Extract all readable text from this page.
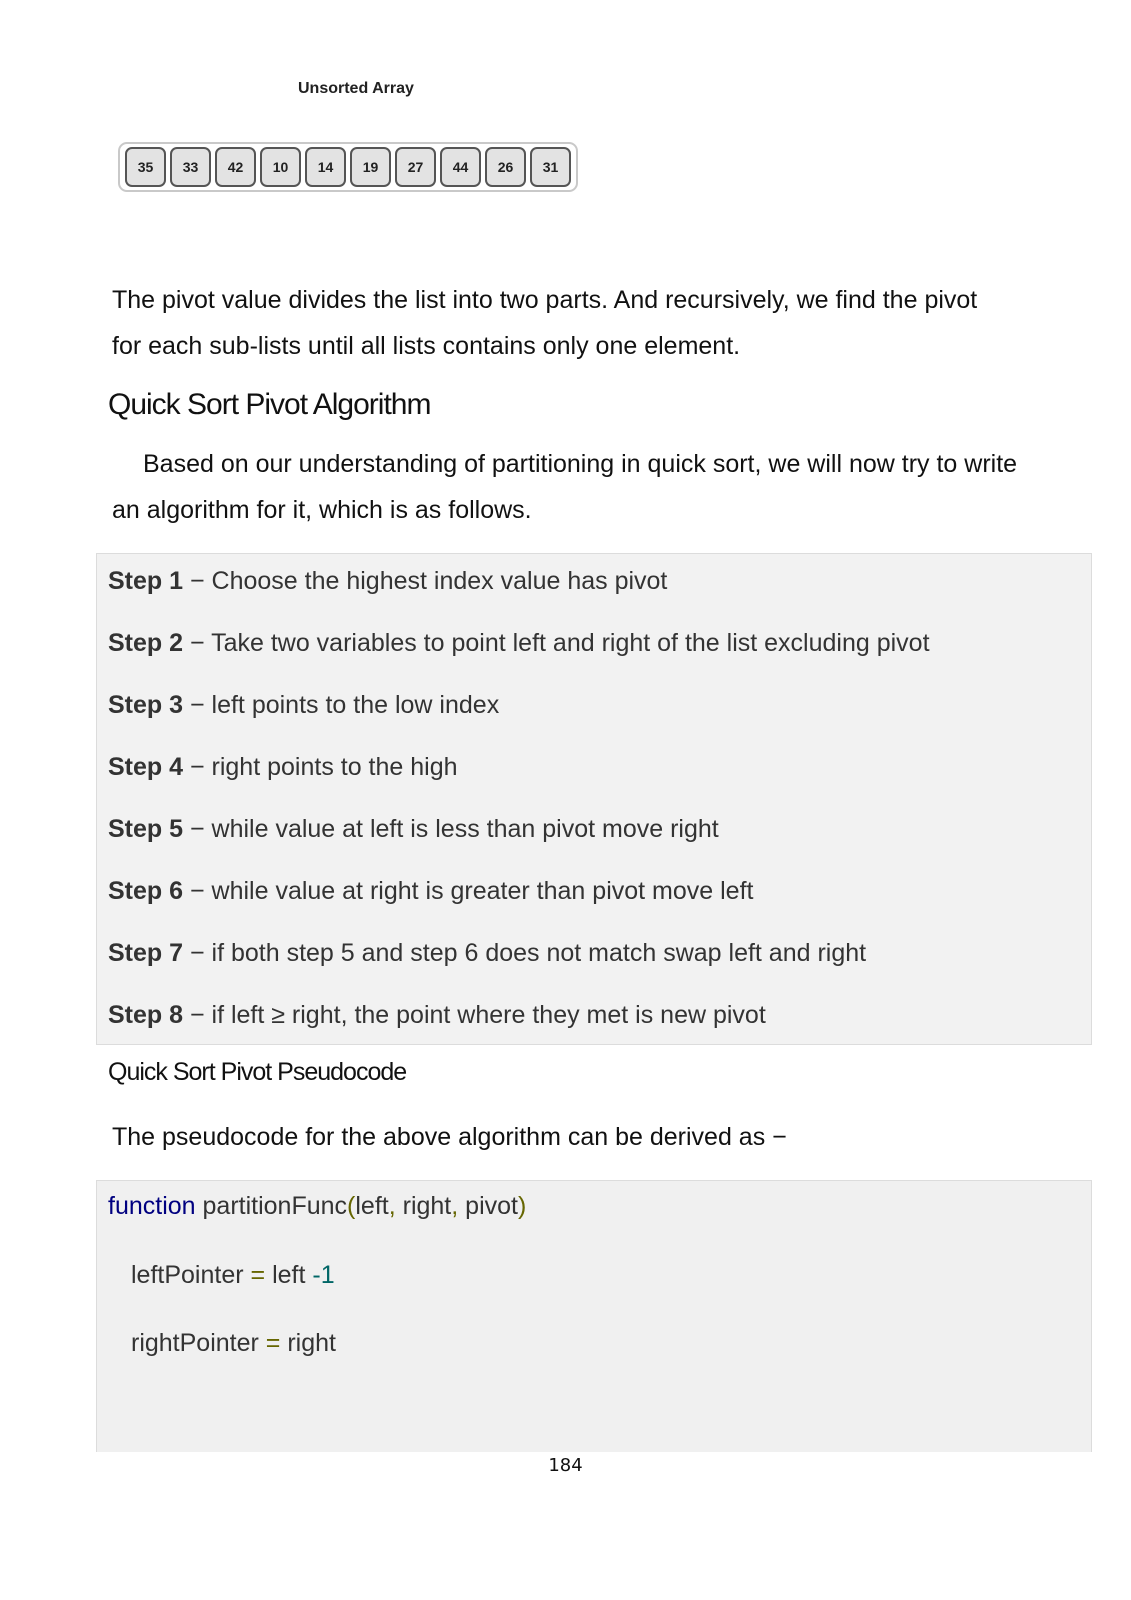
Unsorted Array
35	33	42	10	14	19	27	44	26	31
The pivot value divides the list into two parts. And recursively, we find the pivot
for each sub-lists until all lists contains only one element.
Quick Sort Pivot Algorithm
Based on our understanding of partitioning in quick sort, we will now try to write
an algorithm for it, which is as follows.
Step 1 − Choose the highest index value has pivot
Step 2 − Take two variables to point left and right of the list excluding pivot
Step 3 − left points to the low index
Step 4 − right points to the high
Step 5 − while value at left is less than pivot move right
Step 6 − while value at right is greater than pivot move left
Step 7 − if both step 5 and step 6 does not match swap left and right
Step 8 − if left ≥ right, the point where they met is new pivot
Quick Sort Pivot Pseudocode
The pseudocode for the above algorithm can be derived as −
function partitionFunc(left, right, pivot)
leftPointer = left -1
rightPointer = right
184
